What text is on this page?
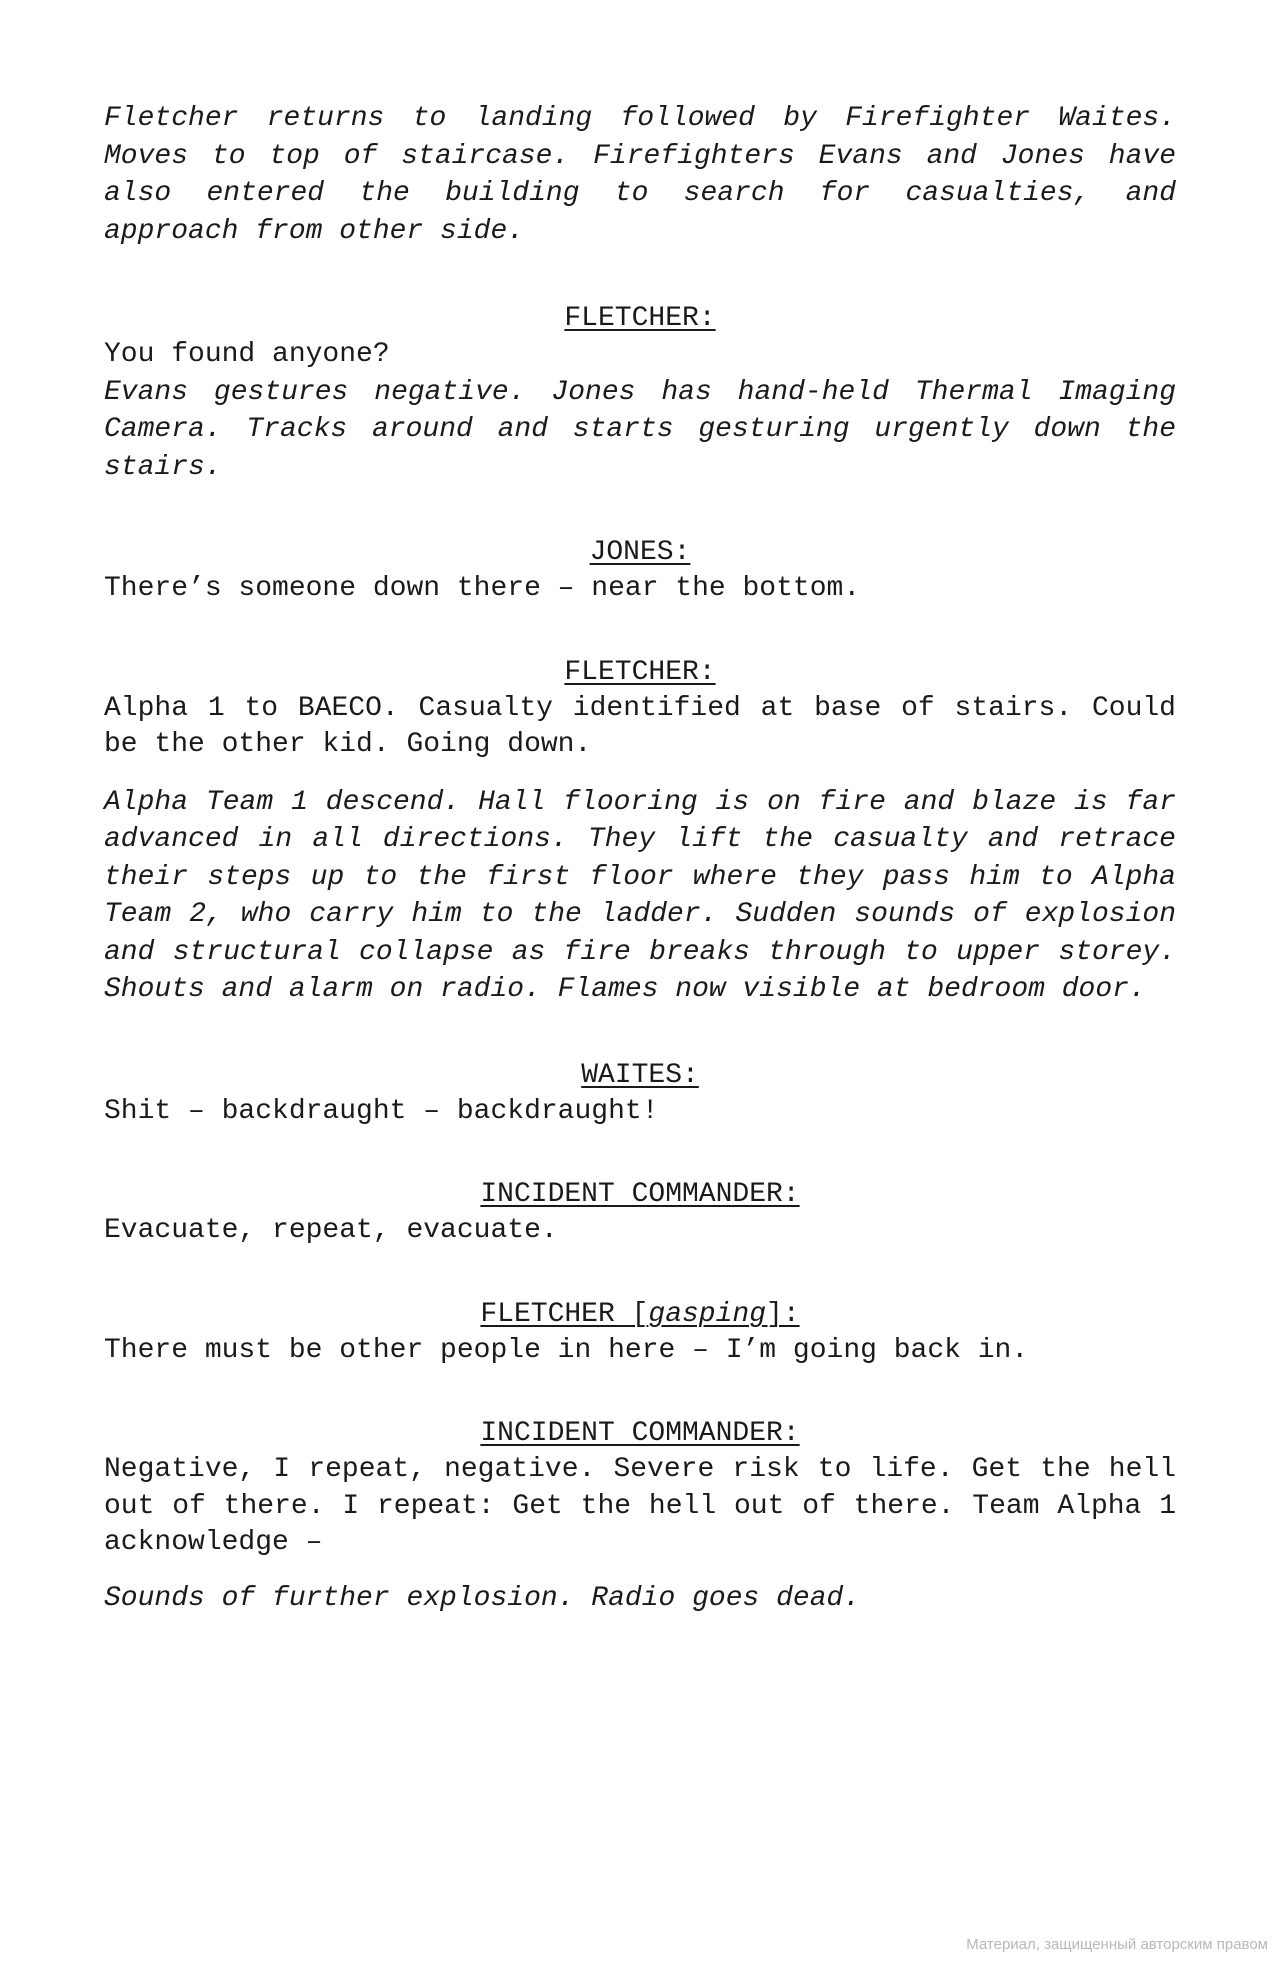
Fletcher returns to landing followed by Firefighter Waites. Moves to top of staircase. Firefighters Evans and Jones have also entered the building to search for casualties, and approach from other side.

FLETCHER:

You found anyone?

Evans gestures negative. Jones has hand-held Thermal Imaging Camera. Tracks around and starts gesturing urgently down the stairs.

JONES:

There’s someone down there – near the bottom.

FLETCHER:

Alpha 1 to BAECO. Casualty identified at base of stairs. Could be the other kid. Going down.

Alpha Team 1 descend. Hall flooring is on fire and blaze is far advanced in all directions. They lift the casualty and retrace their steps up to the first floor where they pass him to Alpha Team 2, who carry him to the ladder. Sudden sounds of explosion and structural collapse as fire breaks through to upper storey. Shouts and alarm on radio. Flames now visible at bedroom door.

WAITES:

Shit – backdraught – backdraught!

INCIDENT COMMANDER:

Evacuate, repeat, evacuate.

FLETCHER [gasping]:

There must be other people in here – I’m going back in.

INCIDENT COMMANDER:

Negative, I repeat, negative. Severe risk to life. Get the hell out of there. I repeat: Get the hell out of there. Team Alpha 1 acknowledge –

Sounds of further explosion. Radio goes dead.

Материал, защищенный авторским правом
